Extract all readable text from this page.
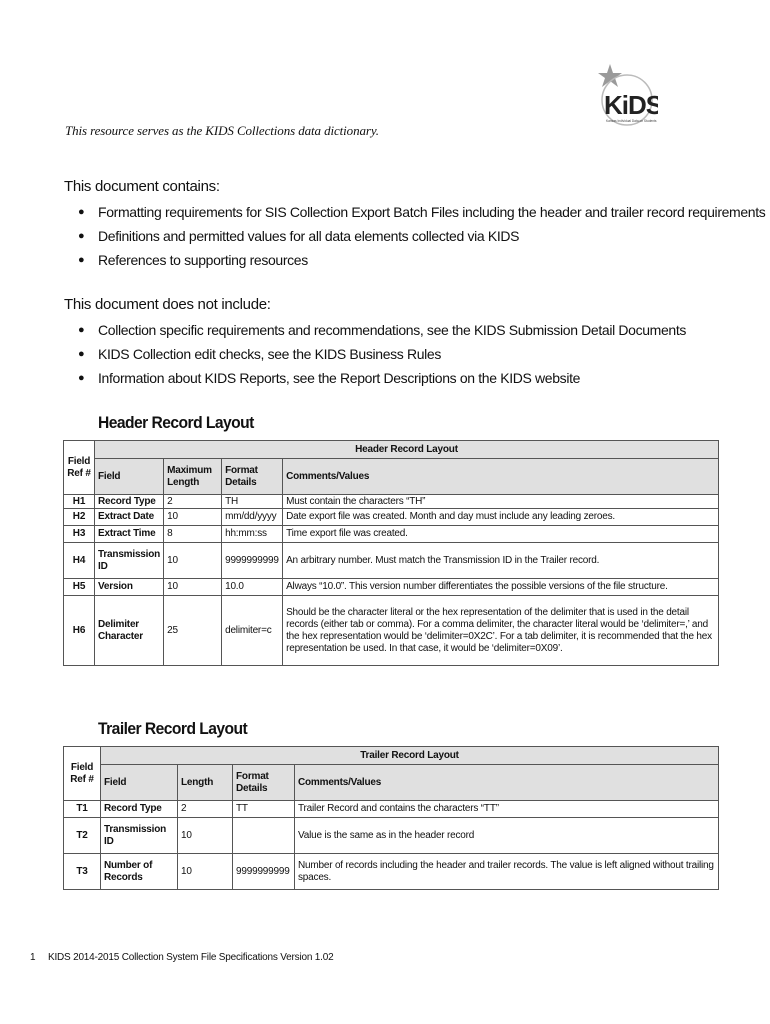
KiDS
Kansas Individual Data on Students
This resource serves as the KIDS Collections data dictionary.
This document contains:
● Formatting requirements for SIS Collection Export Batch Files including the header and trailer record requirements
● Definitions and permitted values for all data elements collected via KIDS
● References to supporting resources
This document does not include:
● Collection specific requirements and recommendations, see the KIDS Submission Detail Documents
● KIDS Collection edit checks, see the KIDS Business Rules
● Information about KIDS Reports, see the Report Descriptions on the KIDS website
Header Record Layout
Field Ref #	Header Record Layout			
	Field	Maximum Length	Format Details	Comments/Values
H1	Record Type	2	TH	Must contain the characters “TH”
H2	Extract Date	10	mm/dd/yyyy	Date export file was created. Month and day must include any leading zeroes.
H3	Extract Time	8	hh:mm:ss	Time export file was created.
H4	Transmission ID	10	9999999999	An arbitrary number. Must match the Transmission ID in the Trailer record.
H5	Version	10	10.0	Always “10.0”. This version number differentiates the possible versions of the file structure.
H6	Delimiter Character	25	delimiter=c	Should be the character literal or the hex representation of the delimiter that is used in the detail records (either tab or comma). For a comma delimiter, the character literal would be ‘delimiter=,’ and the hex representation would be ‘delimiter=0X2C’. For a tab delimiter, it is recommended that the hex representation be used. In that case, it would be ‘delimiter=0X09’.
Trailer Record Layout
Field Ref #	Trailer Record Layout			
	Field	Length	Format Details	Comments/Values
T1	Record Type	2	TT	Trailer Record and contains the characters “TT”
T2	Transmission ID	10		Value is the same as in the header record
T3	Number of Records	10	9999999999	Number of records including the header and trailer records. The value is left aligned without trailing spaces.
1 KIDS 2014-2015 Collection System File Specifications Version 1.02
